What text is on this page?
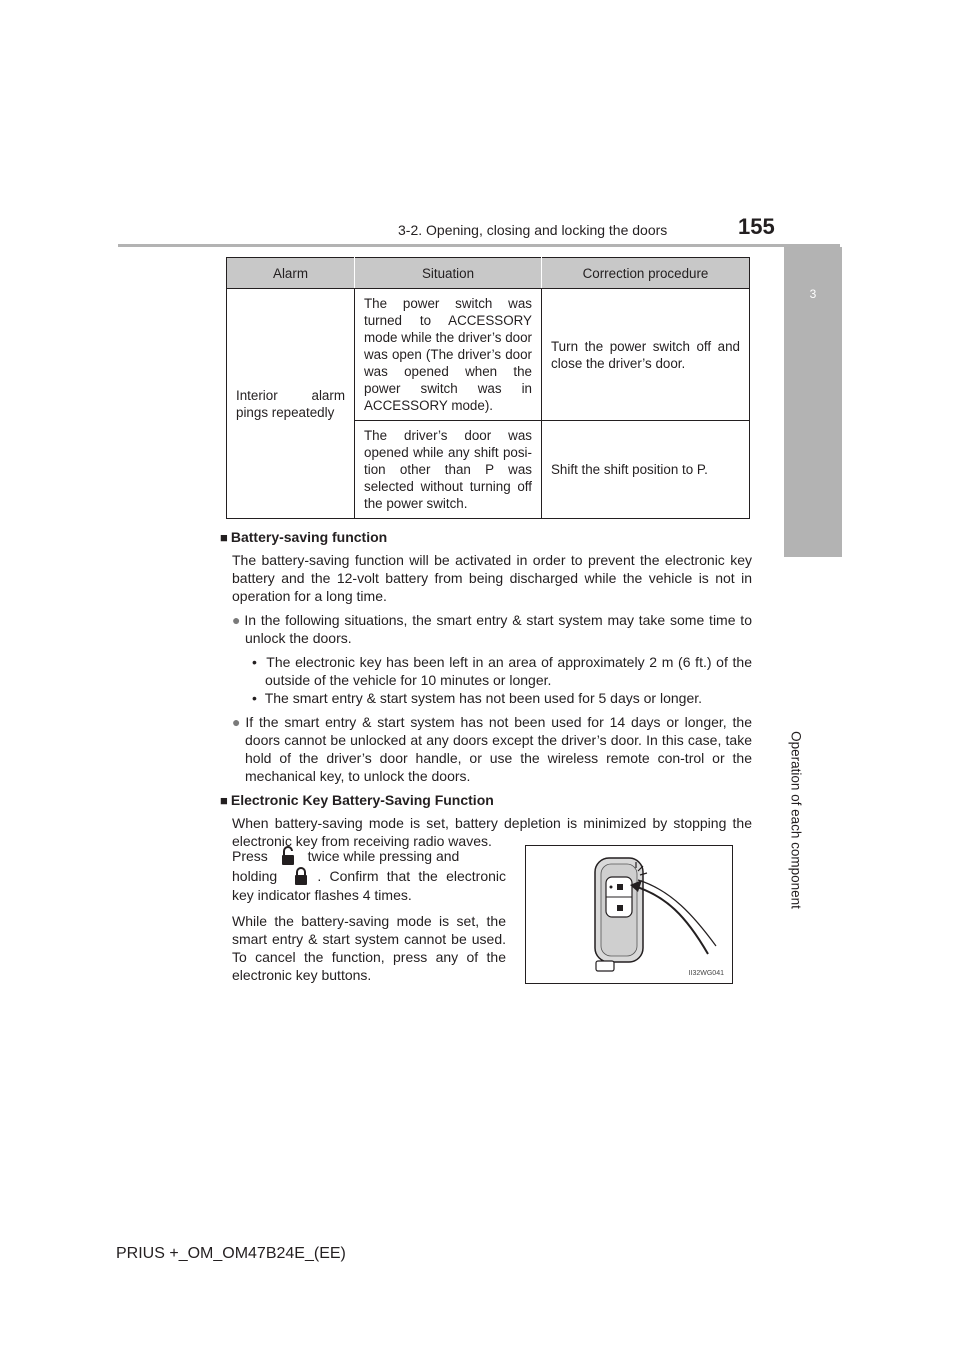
3-2. Opening, closing and locking the doors	155
3
Operation of each component
Alarm	Situation	Correction procedure
Interior alarm pings repeatedly	The power switch was turned to ACCESSORY mode while the driver’s door was open (The driver’s door was opened when the power switch was in ACCESSORY mode).	Turn the power switch off and close the driver’s door.
	The driver’s door was opened while any shift posi-tion other than P was selected without turning off the power switch.	Shift the shift position to P.
■ Battery-saving function
The battery-saving function will be activated in order to prevent the electronic key battery and the 12-volt battery from being discharged while the vehicle is not in operation for a long time.
● In the following situations, the smart entry & start system may take some time to unlock the doors.
•  The electronic key has been left in an area of approximately 2 m (6 ft.) of the outside of the vehicle for 10 minutes or longer.
•  The smart entry & start system has not been used for 5 days or longer.
● If the smart entry & start system has not been used for 14 days or longer, the doors cannot be unlocked at any doors except the driver’s door. In this case, take hold of the driver’s door handle, or use the wireless remote con-trol or the mechanical key, to unlock the doors.
■ Electronic Key Battery-Saving Function
When battery-saving mode is set, battery depletion is minimized by stopping the electronic key from receiving radio waves.

Press	twice while pressing and
holding	. Confirm that the electronic key indicator flashes 4 times.

While the battery-saving mode is set, the smart entry & start system cannot be used. To cancel the function, press any of the electronic key buttons.	II32WG041
PRIUS +_OM_OM47B24E_(EE)
